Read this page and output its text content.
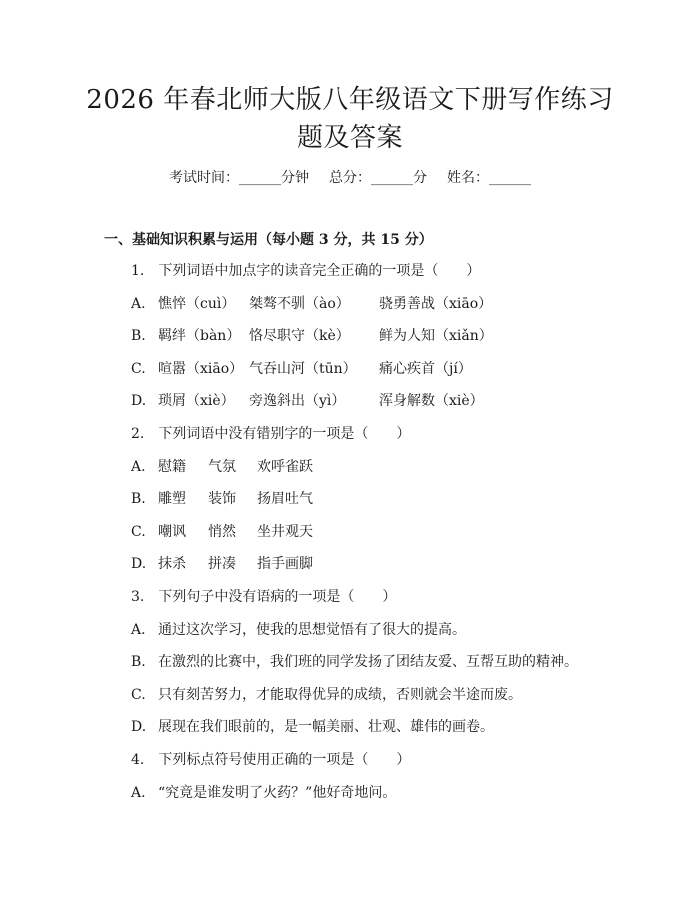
2026 年春北师大版八年级语文下册写作练习
题及答案
考试时间：______分钟 总分：______分 姓名：______
一、基础知识积累与运用（每小题 3 分，共 15 分）
1.　下列词语中加点字的读音完全正确的一项是（　　）
A. 憔悴（cuì） 桀骜不驯（ào） 骁勇善战（xiāo）
B. 羁绊（bàn） 恪尽职守（kè） 鲜为人知（xiǎn）
C. 喧嚣（xiāo） 气吞山河（tūn） 痛心疾首（jí）
D. 琐屑（xiè） 旁逸斜出（yì） 浑身解数（xiè）
2.　下列词语中没有错别字的一项是（　　）
A. 慰籍 气氛 欢呼雀跃
B. 雕塑 装饰 扬眉吐气
C. 嘲讽 悄然 坐井观天
D. 抹杀 拼凑 指手画脚
3.　下列句子中没有语病的一项是（　　）
A. 通过这次学习，使我的思想觉悟有了很大的提高。
B. 在激烈的比赛中，我们班的同学发扬了团结友爱、互帮互助的精神。
C. 只有刻苦努力，才能取得优异的成绩，否则就会半途而废。
D. 展现在我们眼前的，是一幅美丽、壮观、雄伟的画卷。
4.　下列标点符号使用正确的一项是（　　）
A. “究竟是谁发明了火药？”他好奇地问。
